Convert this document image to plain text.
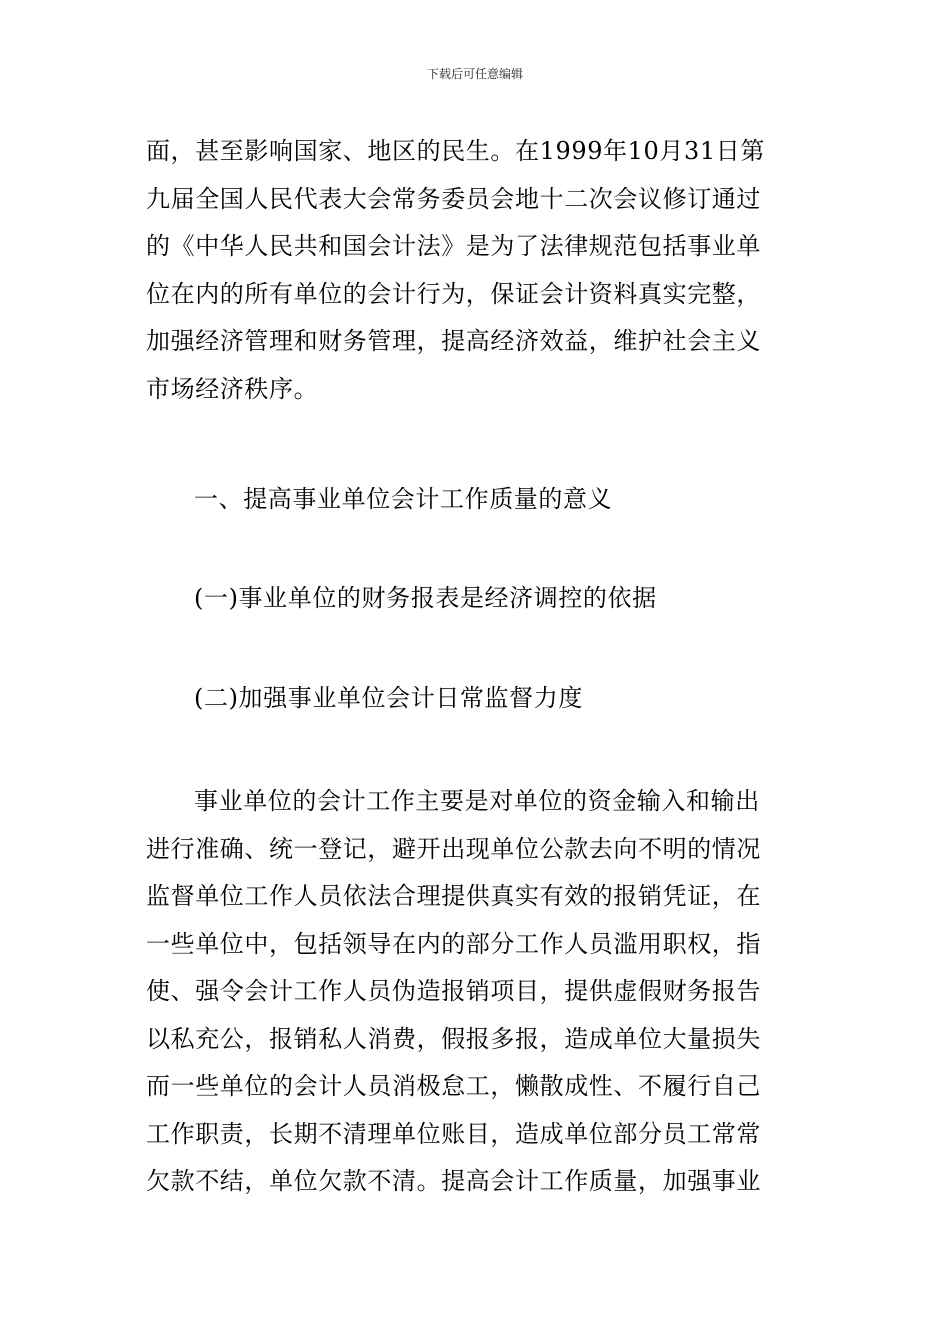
下载后可任意编辑

面，甚至影响国家、地区的民生。在1999年10月31日第
九届全国人民代表大会常务委员会地十二次会议修订通过
的《中华人民共和国会计法》是为了法律规范包括事业单
位在内的所有单位的会计行为，保证会计资料真实完整，
加强经济管理和财务管理，提高经济效益，维护社会主义
市场经济秩序。

一、提高事业单位会计工作质量的意义

(一)事业单位的财务报表是经济调控的依据

(二)加强事业单位会计日常监督力度

事业单位的会计工作主要是对单位的资金输入和输出
进行准确、统一登记，避开出现单位公款去向不明的情况
监督单位工作人员依法合理提供真实有效的报销凭证，在
一些单位中，包括领导在内的部分工作人员滥用职权，指
使、强令会计工作人员伪造报销项目，提供虚假财务报告
以私充公，报销私人消费，假报多报，造成单位大量损失
而一些单位的会计人员消极怠工，懒散成性、不履行自己
工作职责，长期不清理单位账目，造成单位部分员工常常
欠款不结，单位欠款不清。提高会计工作质量，加强事业
